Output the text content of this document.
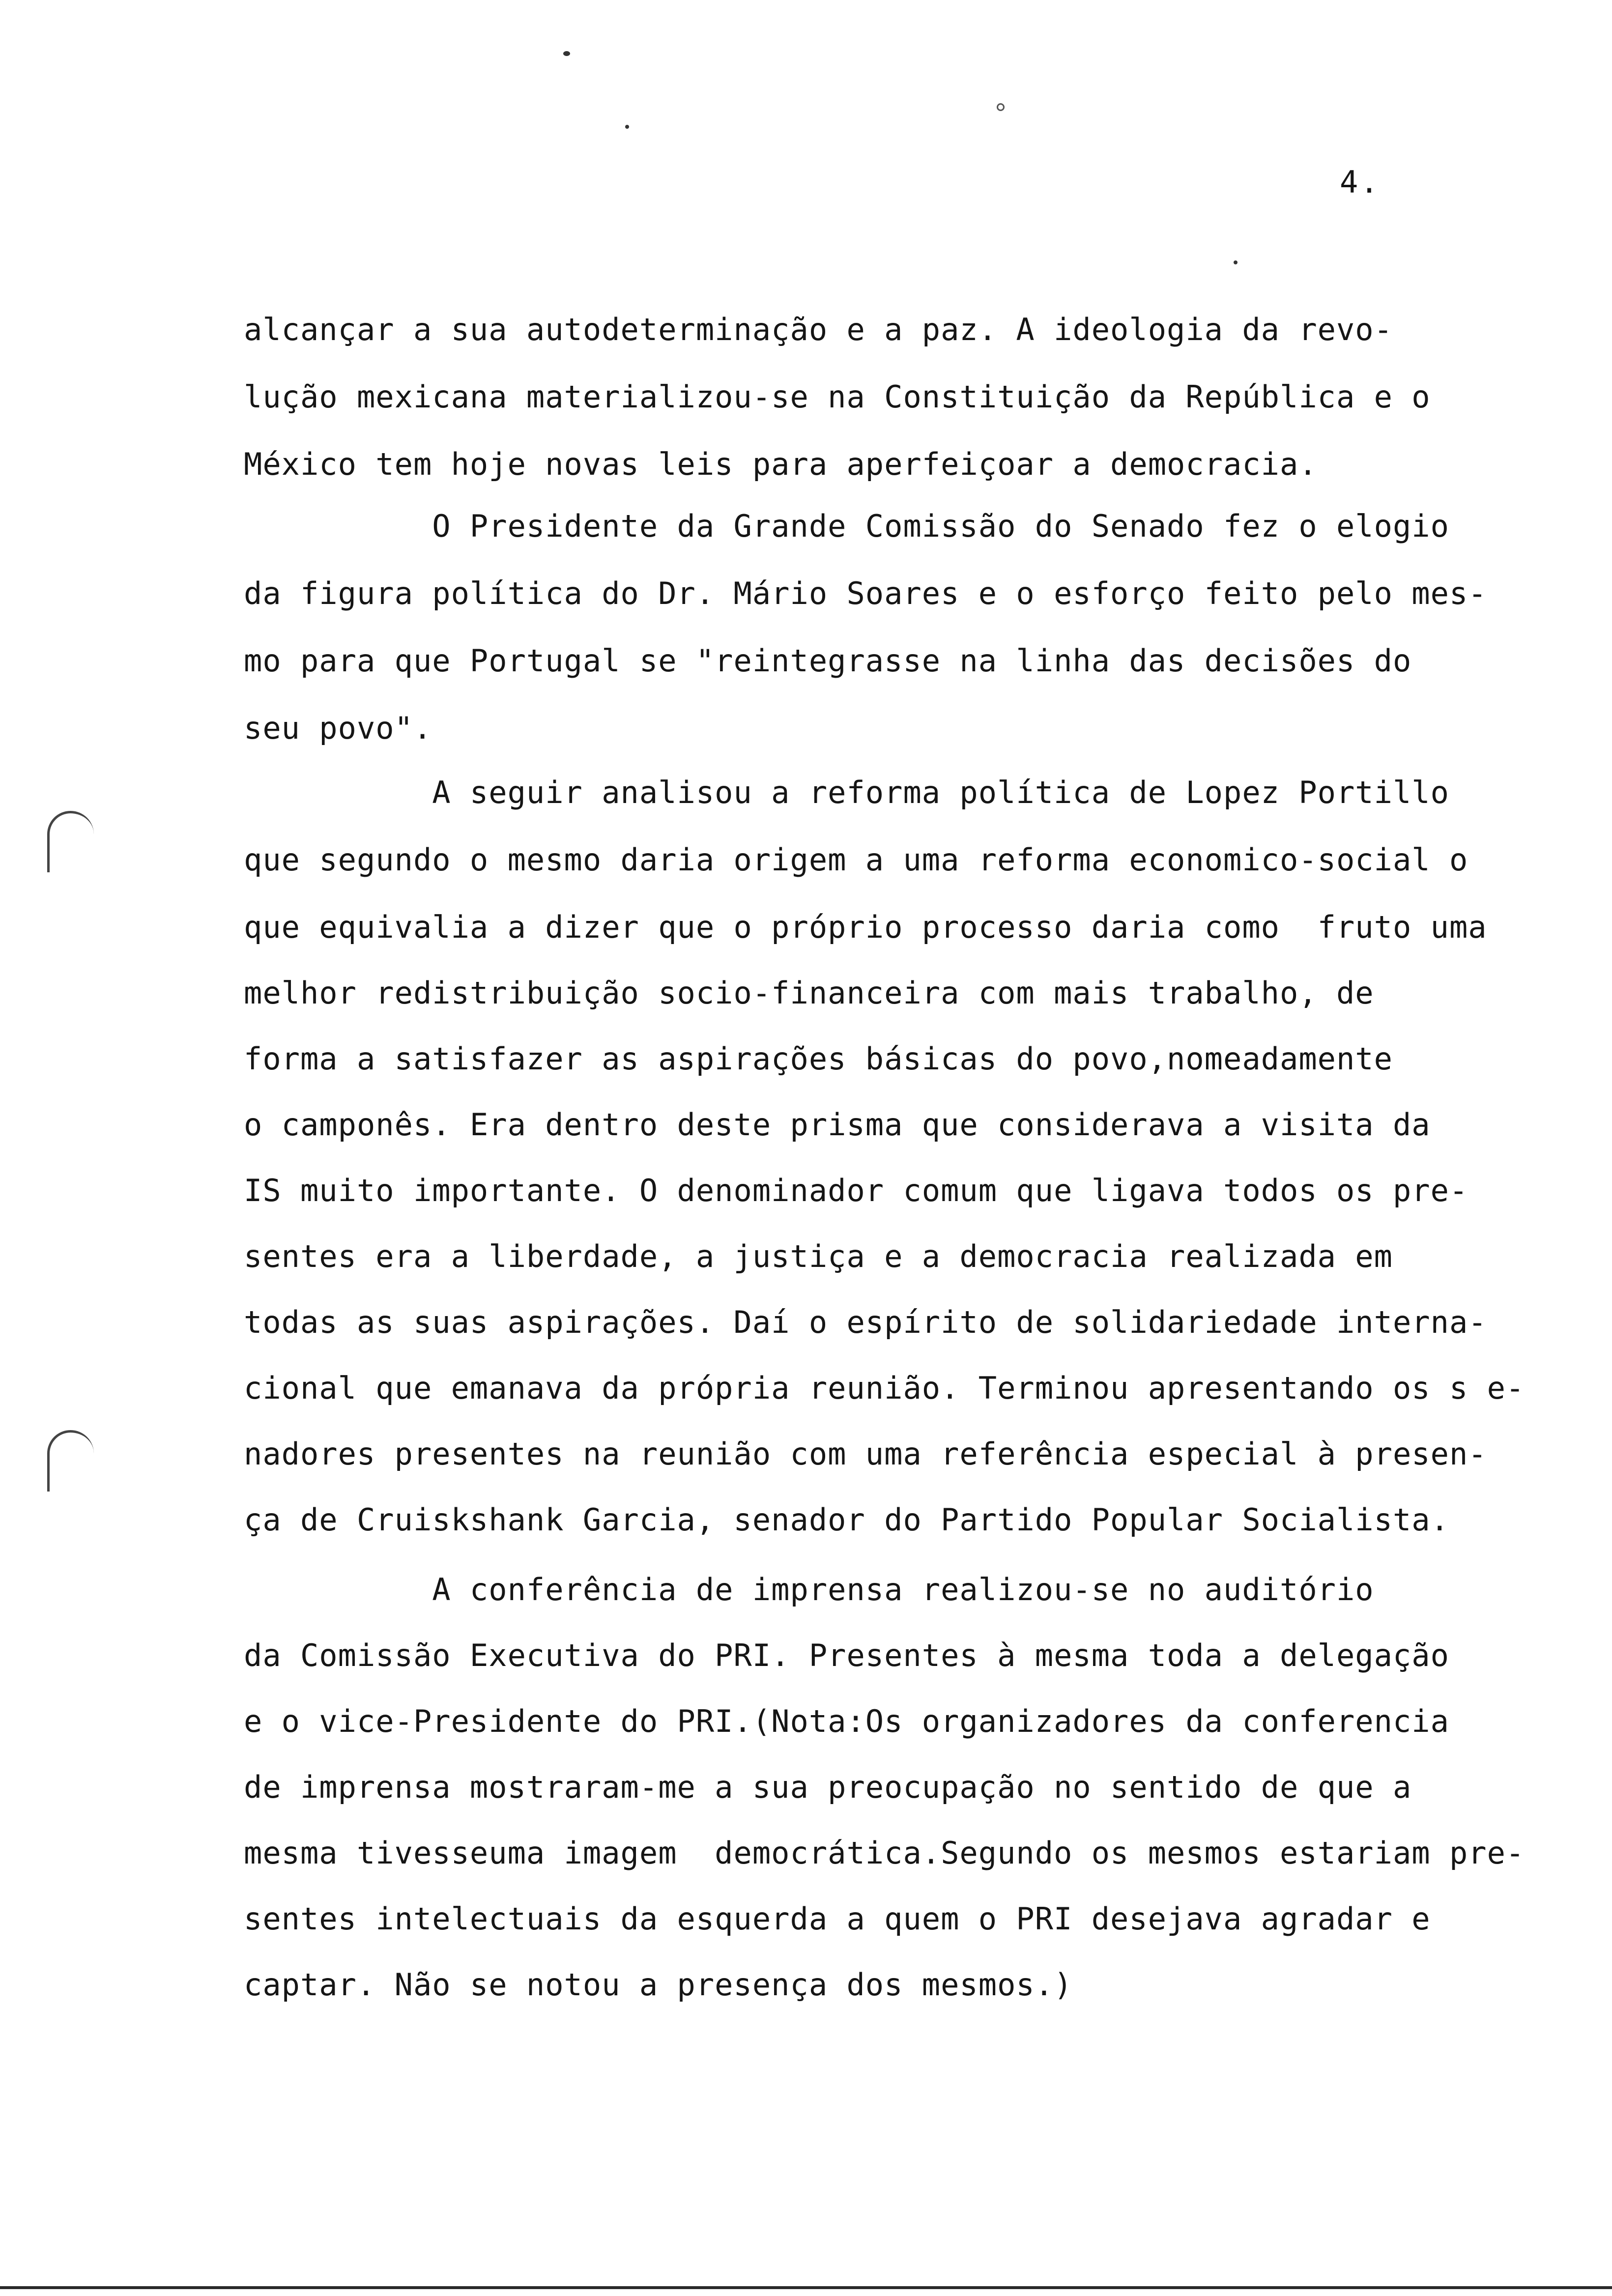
4.
alcançar a sua autodeterminação e a paz. A ideologia da revo-
lução mexicana materializou-se na Constituição da República e o
México tem hoje novas leis para aperfeiçoar a democracia.
O Presidente da Grande Comissão do Senado fez o elogio
da figura política do Dr. Mário Soares e o esforço feito pelo mes-
mo para que Portugal se "reintegrasse na linha das decisões do
seu povo".
A seguir analisou a reforma política de Lopez Portillo
que segundo o mesmo daria origem a uma reforma economico-social o
que equivalia a dizer que o próprio processo daria como  fruto uma
melhor redistribuição socio-financeira com mais trabalho, de
forma a satisfazer as aspirações básicas do povo,nomeadamente
o camponês. Era dentro deste prisma que considerava a visita da
IS muito importante. O denominador comum que ligava todos os pre-
sentes era a liberdade, a justiça e a democracia realizada em
todas as suas aspirações. Daí o espírito de solidariedade interna-
cional que emanava da própria reunião. Terminou apresentando os s e-
nadores presentes na reunião com uma referência especial à presen-
ça de Cruiskshank Garcia, senador do Partido Popular Socialista.
A conferência de imprensa realizou-se no auditório
da Comissão Executiva do PRI. Presentes à mesma toda a delegação
e o vice-Presidente do PRI.(Nota:Os organizadores da conferencia
de imprensa mostraram-me a sua preocupação no sentido de que a
mesma tivesseuma imagem  democrática.Segundo os mesmos estariam pre-
sentes intelectuais da esquerda a quem o PRI desejava agradar e
captar. Não se notou a presença dos mesmos.)
